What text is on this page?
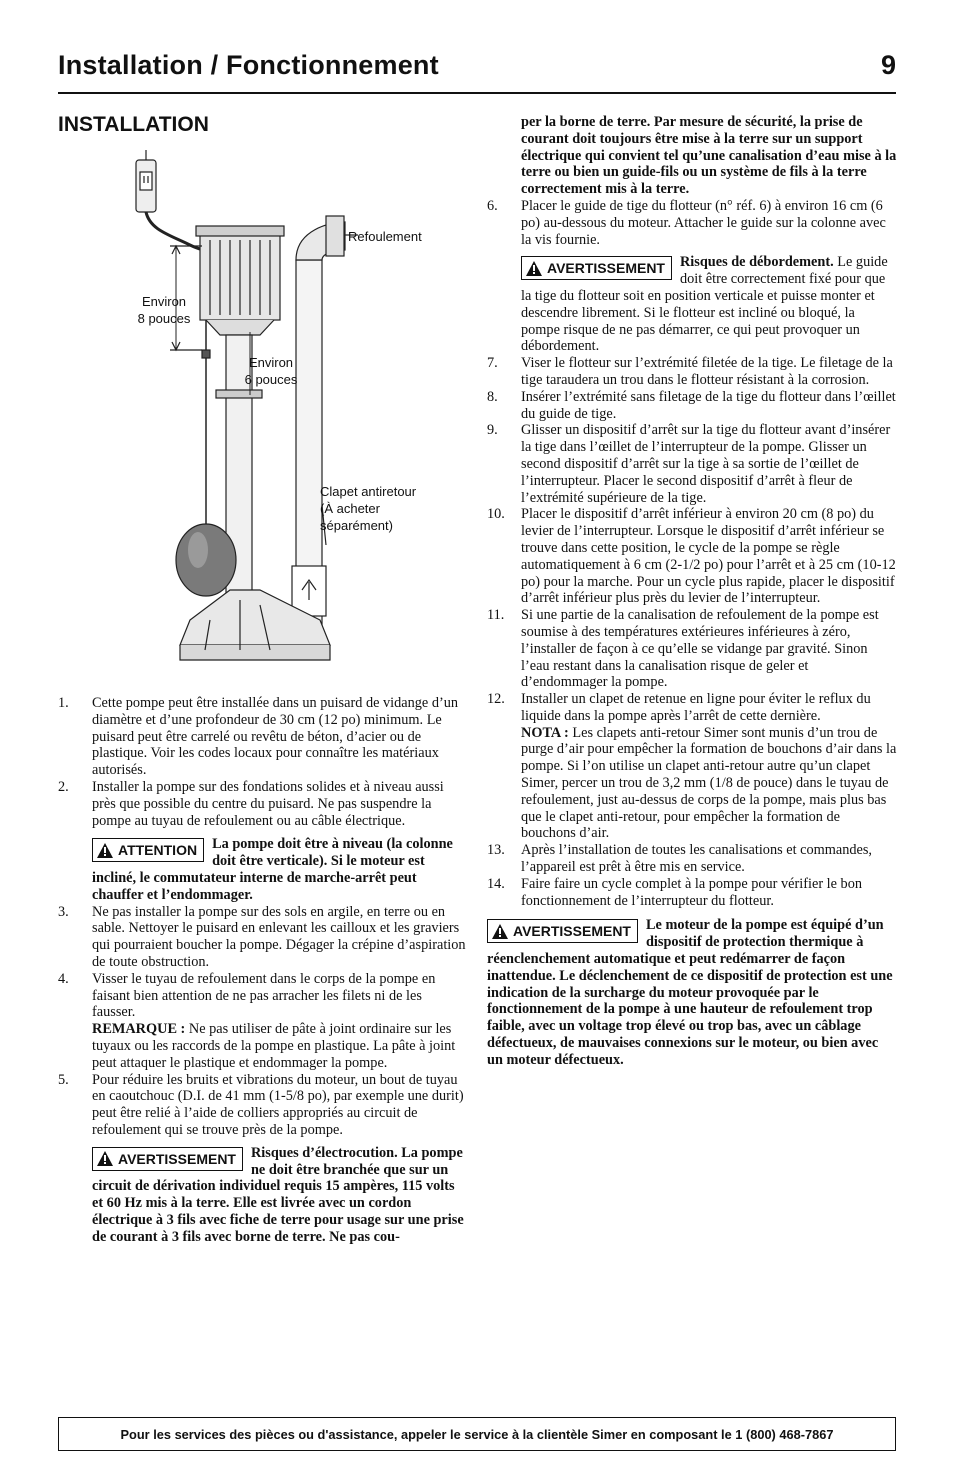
Installation / Fonctionnement	9
INSTALLATION
Refoulement
Environ
8 pouces
Environ
6 pouces
Clapet antiretour
(À acheter
séparément)
1. Cette pompe peut être installée dans un puisard de vidange d’un diamètre et d’une profondeur de 30 cm (12 po) minimum. Le puisard peut être carrelé ou revêtu de béton, d’acier ou de plastique. Voir les codes locaux pour connaître les matériaux autorisés.
2. Installer la pompe sur des fondations solides et à niveau aussi près que possible du centre du puisard. Ne pas suspendre la pompe au tuyau de refoulement ou au câble électrique.
ATTENTION La pompe doit être à niveau (la colonne doit être verticale). Si le moteur est incliné, le commutateur interne de marche-arrêt peut chauffer et l’endommager.
3. Ne pas installer la pompe sur des sols en argile, en terre ou en sable. Nettoyer le puisard en enlevant les cailloux et les graviers qui pourraient boucher la pompe. Dégager la crépine d’aspiration de toute obstruction.
4. Visser le tuyau de refoulement dans le corps de la pompe en faisant bien attention de ne pas arracher les filets ni de les fausser.
REMARQUE : Ne pas utiliser de pâte à joint ordinaire sur les tuyaux ou les raccords de la pompe en plastique. La pâte à joint peut attaquer le plastique et endommager la pompe.
5. Pour réduire les bruits et vibrations du moteur, un bout de tuyau en caoutchouc (D.I. de 41 mm (1-5/8 po), par exemple une durit) peut être relié à l’aide de colliers appropriés au circuit de refoulement qui se trouve près de la pompe.
AVERTISSEMENT Risques d’électrocution. La pompe ne doit être branchée que sur un circuit de dérivation individuel requis 15 ampères, 115 volts et 60 Hz mis à la terre. Elle est livrée avec un cordon électrique à 3 fils avec fiche de terre pour usage sur une prise de courant à 3 fils avec borne de terre. Ne pas cou-
per la borne de terre. Par mesure de sécurité, la prise de courant doit toujours être mise à la terre sur un support électrique qui convient tel qu’une canalisation d’eau mise à la terre ou bien un guide-fils ou un système de fils à la terre correctement mis à la terre.
6. Placer le guide de tige du flotteur (n° réf. 6) à environ 16 cm (6 po) au-dessous du moteur. Attacher le guide sur la colonne avec la vis fournie.
AVERTISSEMENT Risques de débordement. Le guide doit être correctement fixé pour que la tige du flotteur soit en position verticale et puisse monter et descendre librement. Si le flotteur est incliné ou bloqué, la pompe risque de ne pas démarrer, ce qui peut provoquer un débordement.
7. Viser le flotteur sur l’extrémité filetée de la tige. Le filetage de la tige taraudera un trou dans le flotteur résistant à la corrosion.
8. Insérer l’extrémité sans filetage de la tige du flotteur dans l’œillet du guide de tige.
9. Glisser un dispositif d’arrêt sur la tige du flotteur avant d’insérer la tige dans l’œillet de l’interrupteur de la pompe. Glisser un second dispositif d’arrêt sur la tige à sa sortie de l’œillet de l’interrupteur. Placer le second dispositif d’arrêt à fleur de l’extrémité supérieure de la tige.
10. Placer le dispositif d’arrêt inférieur à environ 20 cm (8 po) du levier de l’interrupteur. Lorsque le dispositif d’arrêt inférieur se trouve dans cette position, le cycle de la pompe se règle automatiquement à 6 cm (2-1/2 po) pour l’arrêt et à 25 cm (10-12 po) pour la marche. Pour un cycle plus rapide, placer le dispositif d’arrêt inférieur plus près du levier de l’interrupteur.
11. Si une partie de la canalisation de refoulement de la pompe est soumise à des températures extérieures inférieures à zéro, l’installer de façon à ce qu’elle se vidange par gravité. Sinon l’eau restant dans la canalisation risque de geler et d’endommager la pompe.
12. Installer un clapet de retenue en ligne pour éviter le reflux du liquide dans la pompe après l’arrêt de cette dernière.
NOTA : Les clapets anti-retour Simer sont munis d’un trou de purge d’air pour empêcher la formation de bouchons d’air dans la pompe. Si l’on utilise un clapet anti-retour autre qu’un clapet Simer, percer un trou de 3,2 mm (1/8 de pouce) dans le tuyau de refoulement, just au-dessus de corps de la pompe, mais plus bas que le clapet anti-retour, pour empêcher la formation de bouchons d’air.
13. Après l’installation de toutes les canalisations et commandes, l’appareil est prêt à être mis en service.
14. Faire faire un cycle complet à la pompe pour vérifier le bon fonctionnement de l’interrupteur du flotteur.
AVERTISSEMENT Le moteur de la pompe est équipé d’un dispositif de protection thermique à réenclenchement automatique et peut redémarrer de façon inattendue. Le déclenchement de ce dispositif de protection est une indication de la surcharge du moteur provoquée par le fonctionnement de la pompe à une hauteur de refoulement trop faible, avec un voltage trop élevé ou trop bas, avec un câblage défectueux, de mauvaises connexions sur le moteur, ou bien avec un moteur défectueux.
Pour les services des pièces ou d'assistance, appeler le service à la clientèle Simer en composant le 1 (800) 468-7867
